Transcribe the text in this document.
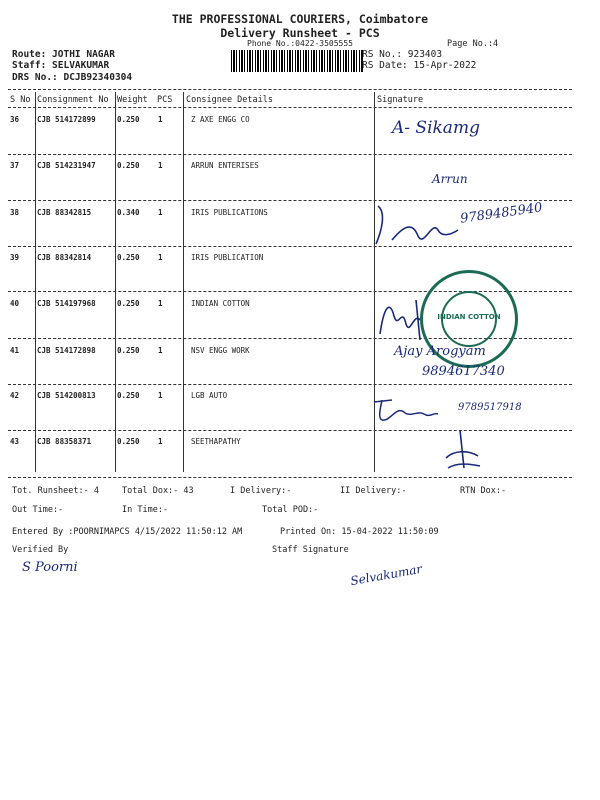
THE PROFESSIONAL COURIERS, Coimbatore
Delivery Runsheet - PCS
Phone No.:0422-3505555	Page No.:4
Route: JOTHI NAGAR
Staff: SELVAKUMAR
DRS No.: DCJB92340304
RS No.: 923403
RS Date: 15-Apr-2022
S No Consignment No Weight PCS Consignee Details	Signature
36 CJB 514172899	0.250 1	Z AXE ENGG CO
37 CJB 514231947	0.250 1	ARRUN ENTERISES
38 CJB 88342815	0.340 1	IRIS PUBLICATIONS
39 CJB 88342814	0.250 1	IRIS PUBLICATION
40 CJB 514197968	0.250 1	INDIAN COTTON
41 CJB 514172898	0.250 1	NSV ENGG WORK
42 CJB 514200813	0.250 1	LGB AUTO
43 CJB 88358371	0.250 1	SEETHAPATHY
A- Sikamg
Arrun
9789485940
INDIAN COTTON
Ajay Arogyam
9894617340
9789517918
Tot. Runsheet:- 4	Total Dox:- 43	I Delivery:-	II Delivery:-	RTN Dox:-
Out Time:-	In Time:-	Total POD:-
Entered By :POORNIMAPCS 4/15/2022 11:50:12 AM	Printed On: 15-04-2022 11:50:09
Verified By	Staff Signature
S Poorni	Selvakumar
